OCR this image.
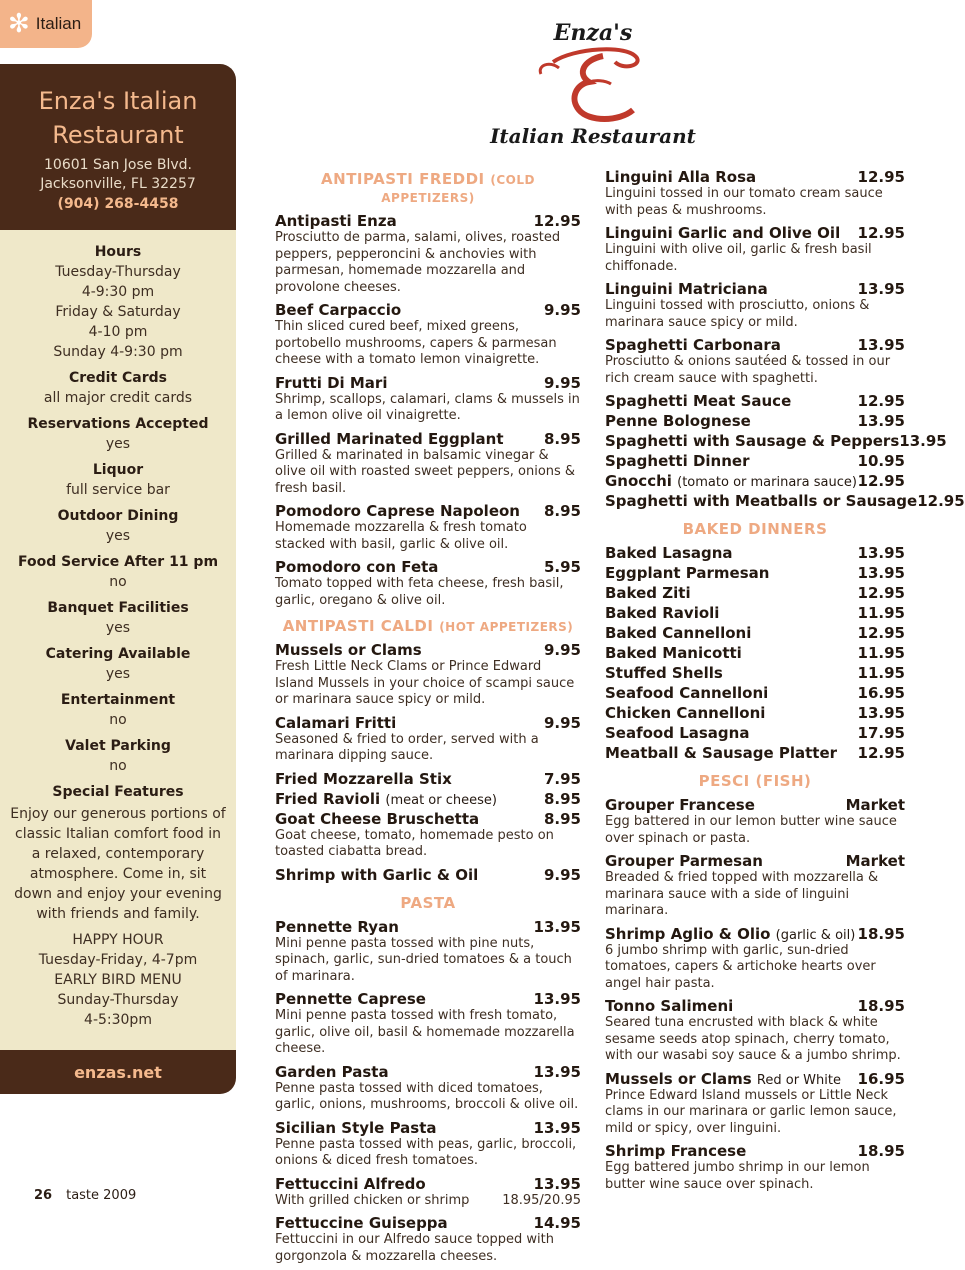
✻ Italian
Enza's Italian Restaurant
10601 San Jose Blvd.
Jacksonville, FL 32257
(904) 268-4458
Hours
Tuesday-Thursday
4-9:30 pm
Friday & Saturday
4-10 pm
Sunday 4-9:30 pm
Credit Cards
all major credit cards
Reservations Accepted
yes
Liquor
full service bar
Outdoor Dining
yes
Food Service After 11 pm
no
Banquet Facilities
yes
Catering Available
yes
Entertainment
no
Valet Parking
no
Special Features
Enjoy our generous portions of classic Italian comfort food in a relaxed, contemporary atmosphere. Come in, sit down and enjoy your evening with friends and family.
HAPPY HOUR
Tuesday-Friday, 4-7pm
EARLY BIRD MENU
Sunday-Thursday
4-5:30pm
enzas.net
26 taste 2009
Enza's
Italian Restaurant
ANTIPASTI FREDDI (COLD APPETIZERS)
Antipasti Enza	12.95
Prosciutto de parma, salami, olives, roasted peppers, pepperoncini & anchovies with parmesan, homemade mozzarella and provolone cheeses.
Beef Carpaccio	9.95
Thin sliced cured beef, mixed greens, portobello mushrooms, capers & parmesan cheese with a tomato lemon vinaigrette.
Frutti Di Mari	9.95
Shrimp, scallops, calamari, clams & mussels in a lemon olive oil vinaigrette.
Grilled Marinated Eggplant	8.95
Grilled & marinated in balsamic vinegar & olive oil with roasted sweet peppers, onions & fresh basil.
Pomodoro Caprese Napoleon 8.95
Homemade mozzarella & fresh tomato stacked with basil, garlic & olive oil.
Pomodoro con Feta	5.95
Tomato topped with feta cheese, fresh basil, garlic, oregano & olive oil.
ANTIPASTI CALDI (HOT APPETIZERS)
Mussels or Clams	9.95
Fresh Little Neck Clams or Prince Edward Island Mussels in your choice of scampi sauce or marinara sauce spicy or mild.
Calamari Fritti	9.95
Seasoned & fried to order, served with a marinara dipping sauce.
Fried Mozzarella Stix	7.95
Fried Ravioli (meat or cheese)	8.95
Goat Cheese Bruschetta	8.95
Goat cheese, tomato, homemade pesto on toasted ciabatta bread.
Shrimp with Garlic & Oil	9.95
PASTA
Pennette Ryan	13.95
Mini penne pasta tossed with pine nuts, spinach, garlic, sun-dried tomatoes & a touch of marinara.
Pennette Caprese	13.95
Mini penne pasta tossed with fresh tomato, garlic, olive oil, basil & homemade mozzarella cheese.
Garden Pasta	13.95
Penne pasta tossed with diced tomatoes, garlic, onions, mushrooms, broccoli & olive oil.
Sicilian Style Pasta	13.95
Penne pasta tossed with peas, garlic, broccoli, onions & diced fresh tomatoes.
Fettuccini Alfredo	13.95
With grilled chicken or shrimp	18.95/20.95
Fettuccine Guiseppa	14.95
Fettuccini in our Alfredo sauce topped with gorgonzola & mozzarella cheeses.
Linguini Alla Rosa	12.95
Linguini tossed in our tomato cream sauce with peas & mushrooms.
Linguini Garlic and Olive Oil 12.95
Linguini with olive oil, garlic & fresh basil chiffonade.
Linguini Matriciana	13.95
Linguini tossed with prosciutto, onions & marinara sauce spicy or mild.
Spaghetti Carbonara	13.95
Prosciutto & onions sautéed & tossed in our rich cream sauce with spaghetti.
Spaghetti Meat Sauce	12.95
Penne Bolognese	13.95
Spaghetti with Sausage & Peppers 13.95
Spaghetti Dinner	10.95
Gnocchi (tomato or marinara sauce) 12.95
Spaghetti with Meatballs or Sausage 12.95
BAKED DINNERS
Baked Lasagna	13.95
Eggplant Parmesan	13.95
Baked Ziti	12.95
Baked Ravioli	11.95
Baked Cannelloni	12.95
Baked Manicotti	11.95
Stuffed Shells	11.95
Seafood Cannelloni	16.95
Chicken Cannelloni	13.95
Seafood Lasagna	17.95
Meatball & Sausage Platter 12.95
PESCI (FISH)
Grouper Francese	Market
Egg battered in our lemon butter wine sauce over spinach or pasta.
Grouper Parmesan	Market
Breaded & fried topped with mozzarella & marinara sauce with a side of linguini marinara.
Shrimp Aglio & Olio (garlic & oil) 18.95
6 jumbo shrimp with garlic, sun-dried tomatoes, capers & artichoke hearts over angel hair pasta.
Tonno Salimeni	18.95
Seared tuna encrusted with black & white sesame seeds atop spinach, cherry tomato, with our wasabi soy sauce & a jumbo shrimp.
Mussels or Clams Red or White 16.95
Prince Edward Island mussels or Little Neck clams in our marinara or garlic lemon sauce, mild or spicy, over linguini.
Shrimp Francese	18.95
Egg battered jumbo shrimp in our lemon butter wine sauce over spinach.
